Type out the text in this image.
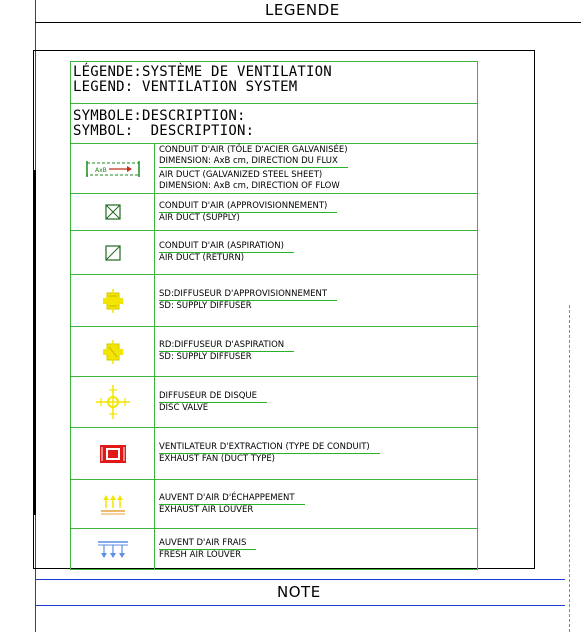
LEGENDE
NOTE
LÉGENDE:SYSTÈME DE VENTILATION
LEGEND: VENTILATION SYSTEM
SYMBOLE:DESCRIPTION:
SYMBOL:  DESCRIPTION:
AxB
CONDUIT D'AIR (TÔLE D'ACIER GALVANISÉE)
DIMENSION: AxB cm, DIRECTION DU FLUX
AIR DUCT (GALVANIZED STEEL SHEET)
DIMENSION: AxB cm, DIRECTION OF FLOW
CONDUIT D'AIR (APPROVISIONNEMENT)
AIR DUCT (SUPPLY)
CONDUIT D'AIR (ASPIRATION)
AIR DUCT (RETURN)
SD:DIFFUSEUR D'APPROVISIONNEMENT
SD: SUPPLY DIFFUSER
RD:DIFFUSEUR D'ASPIRATION
SD: SUPPLY DIFFUSER
DIFFUSEUR DE DISQUE
DISC VALVE
VENTILATEUR D'EXTRACTION (TYPE DE CONDUIT)
EXHAUST FAN (DUCT TYPE)
AUVENT D'AIR D'ÉCHAPPEMENT
EXHAUST AIR LOUVER
AUVENT D'AIR FRAIS
FRESH AIR LOUVER
